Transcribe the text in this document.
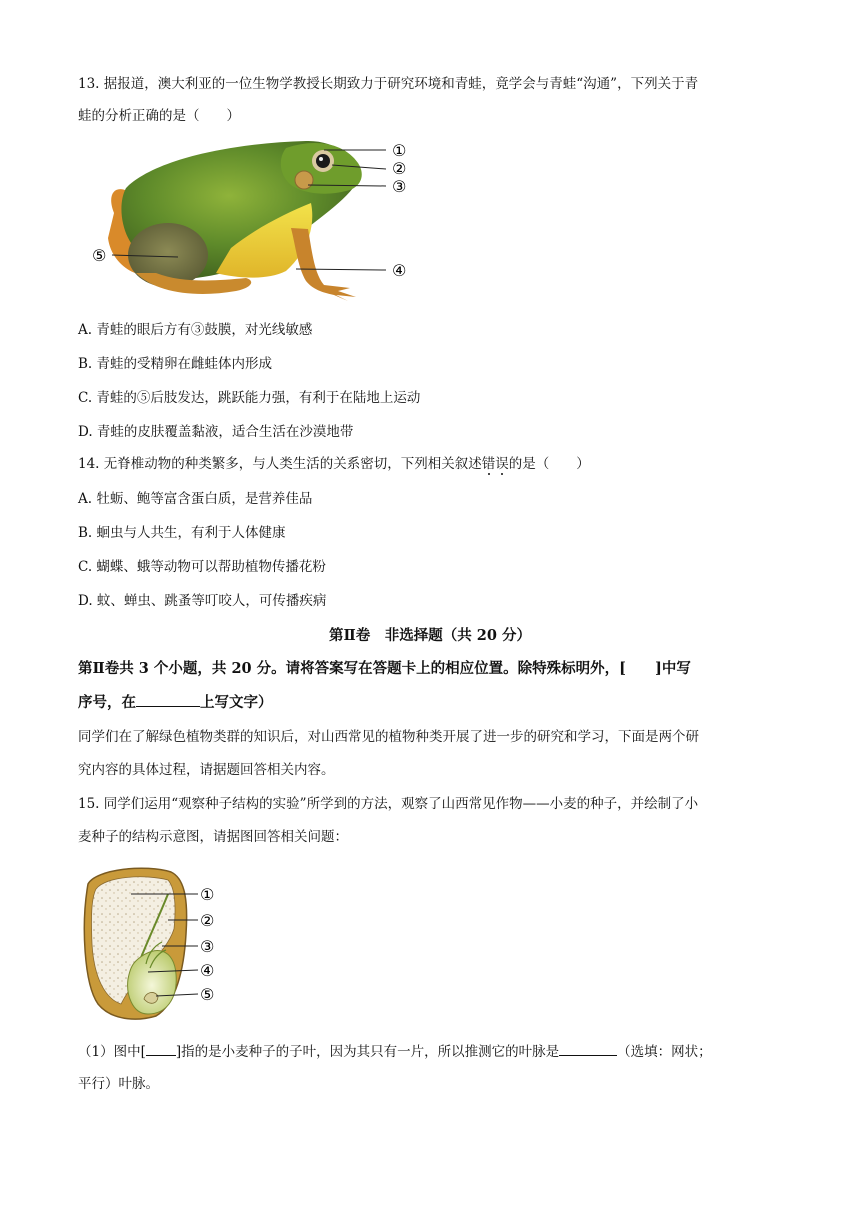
13. 据报道，澳大利亚的一位生物学教授长期致力于研究环境和青蛙，竟学会与青蛙“沟通”，下列关于青
蛙的分析正确的是（　　）
①
②
③
⑤
④
A. 青蛙的眼后方有③鼓膜，对光线敏感
B. 青蛙的受精卵在雌蛙体内形成
C. 青蛙的⑤后肢发达，跳跃能力强，有利于在陆地上运动
D. 青蛙的皮肤覆盖黏液，适合生活在沙漠地带
14. 无脊椎动物的种类繁多，与人类生活的关系密切，下列相关叙述错误的是（　　）
A. 牡蛎、鲍等富含蛋白质，是营养佳品
B. 蛔虫与人共生，有利于人体健康
C. 蝴蝶、蛾等动物可以帮助植物传播花粉
D. 蚊、蝉虫、跳蚤等叮咬人，可传播疾病
第Ⅱ卷　非选择题（共 20 分）
第Ⅱ卷共 3 个小题，共 20 分。请将答案写在答题卡上的相应位置。除特殊标明外，[　　]中写
序号，在	上写文字）
同学们在了解绿色植物类群的知识后，对山西常见的植物种类开展了进一步的研究和学习，下面是两个研
究内容的具体过程，请据题回答相关内容。
15. 同学们运用“观察种子结构的实验”所学到的方法，观察了山西常见作物——小麦的种子，并绘制了小
麦种子的结构示意图，请据图回答相关问题：
①
②
③
④
⑤
（1）图中[ ]指的是小麦种子的子叶，因为其只有一片，所以推测它的叶脉是	（选填：网状；
平行）叶脉。
